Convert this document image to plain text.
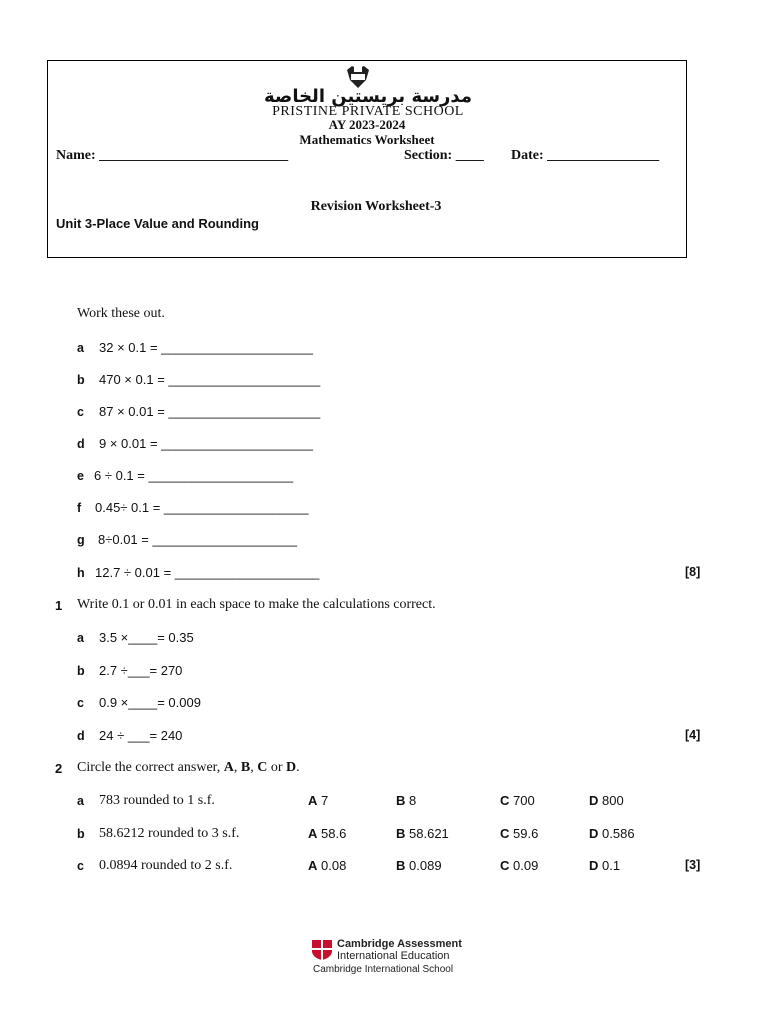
مدرسة بريستين الخاصة
PRISTINE PRIVATE SCHOOL
AY 2023-2024
Mathematics Worksheet
Name: ___________________________	Section: ____ Date: ________________
Revision Worksheet-3
Unit 3-Place Value and Rounding
Work these out.
a 32 × 0.1 = _____________________
b 470 × 0.1 = _____________________
c 87 × 0.01 = _____________________
d 9 × 0.01 = _____________________
e 6 ÷ 0.1 = ____________________
f 0.45÷ 0.1 = ____________________
g 8÷0.01 = ____________________
h 12.7 ÷ 0.01 = ____________________	[8]
1 Write 0.1 or 0.01 in each space to make the calculations correct.
a 3.5 ×____= 0.35
b 2.7 ÷___= 270
c 0.9 ×____= 0.009
d 24 ÷ ___= 240	[4]
2 Circle the correct answer, A, B, C or D.
a 783 rounded to 1 s.f.	A 7	B 8	C 700	D 800
b 58.6212 rounded to 3 s.f.	A 58.6	B 58.621	C 59.6	D 0.586
c 0.0894 rounded to 2 s.f.	A 0.08	B 0.089	C 0.09	D 0.1	[3]
Cambridge Assessment
International Education
Cambridge International School
